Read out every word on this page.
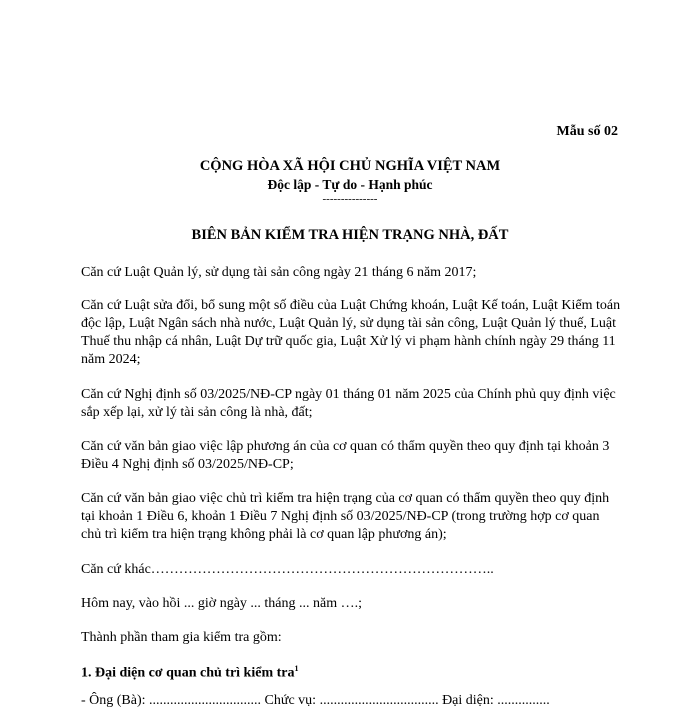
Mẫu số 02
CỘNG HÒA XÃ HỘI CHỦ NGHĨA VIỆT NAM
Độc lập - Tự do - Hạnh phúc
---------------
BIÊN BẢN KIỂM TRA HIỆN TRẠNG NHÀ, ĐẤT
Căn cứ Luật Quản lý, sử dụng tài sản công ngày 21 tháng 6 năm 2017;
Căn cứ Luật sửa đổi, bổ sung một số điều của Luật Chứng khoán, Luật Kế toán, Luật Kiểm toán độc lập, Luật Ngân sách nhà nước, Luật Quản lý, sử dụng tài sản công, Luật Quản lý thuế, Luật Thuế thu nhập cá nhân, Luật Dự trữ quốc gia, Luật Xử lý vi phạm hành chính ngày 29 tháng 11 năm 2024;
Căn cứ Nghị định số 03/2025/NĐ-CP ngày 01 tháng 01 năm 2025 của Chính phủ quy định việc sắp xếp lại, xử lý tài sản công là nhà, đất;
Căn cứ văn bản giao việc lập phương án của cơ quan có thẩm quyền theo quy định tại khoản 3 Điều 4 Nghị định số 03/2025/NĐ-CP;
Căn cứ văn bản giao việc chủ trì kiểm tra hiện trạng của cơ quan có thẩm quyền theo quy định tại khoản 1 Điều 6, khoản 1 Điều 7 Nghị định số 03/2025/NĐ-CP (trong trường hợp cơ quan chủ trì kiểm tra hiện trạng không phải là cơ quan lập phương án);
Căn cứ khác………………………………………………………………..
Hôm nay, vào hồi ... giờ ngày ... tháng ... năm ….;
Thành phần tham gia kiểm tra gồm:
1. Đại diện cơ quan chủ trì kiểm tra$^1$
- Ông (Bà): ................................ Chức vụ: .................................. Đại diện: ...............
